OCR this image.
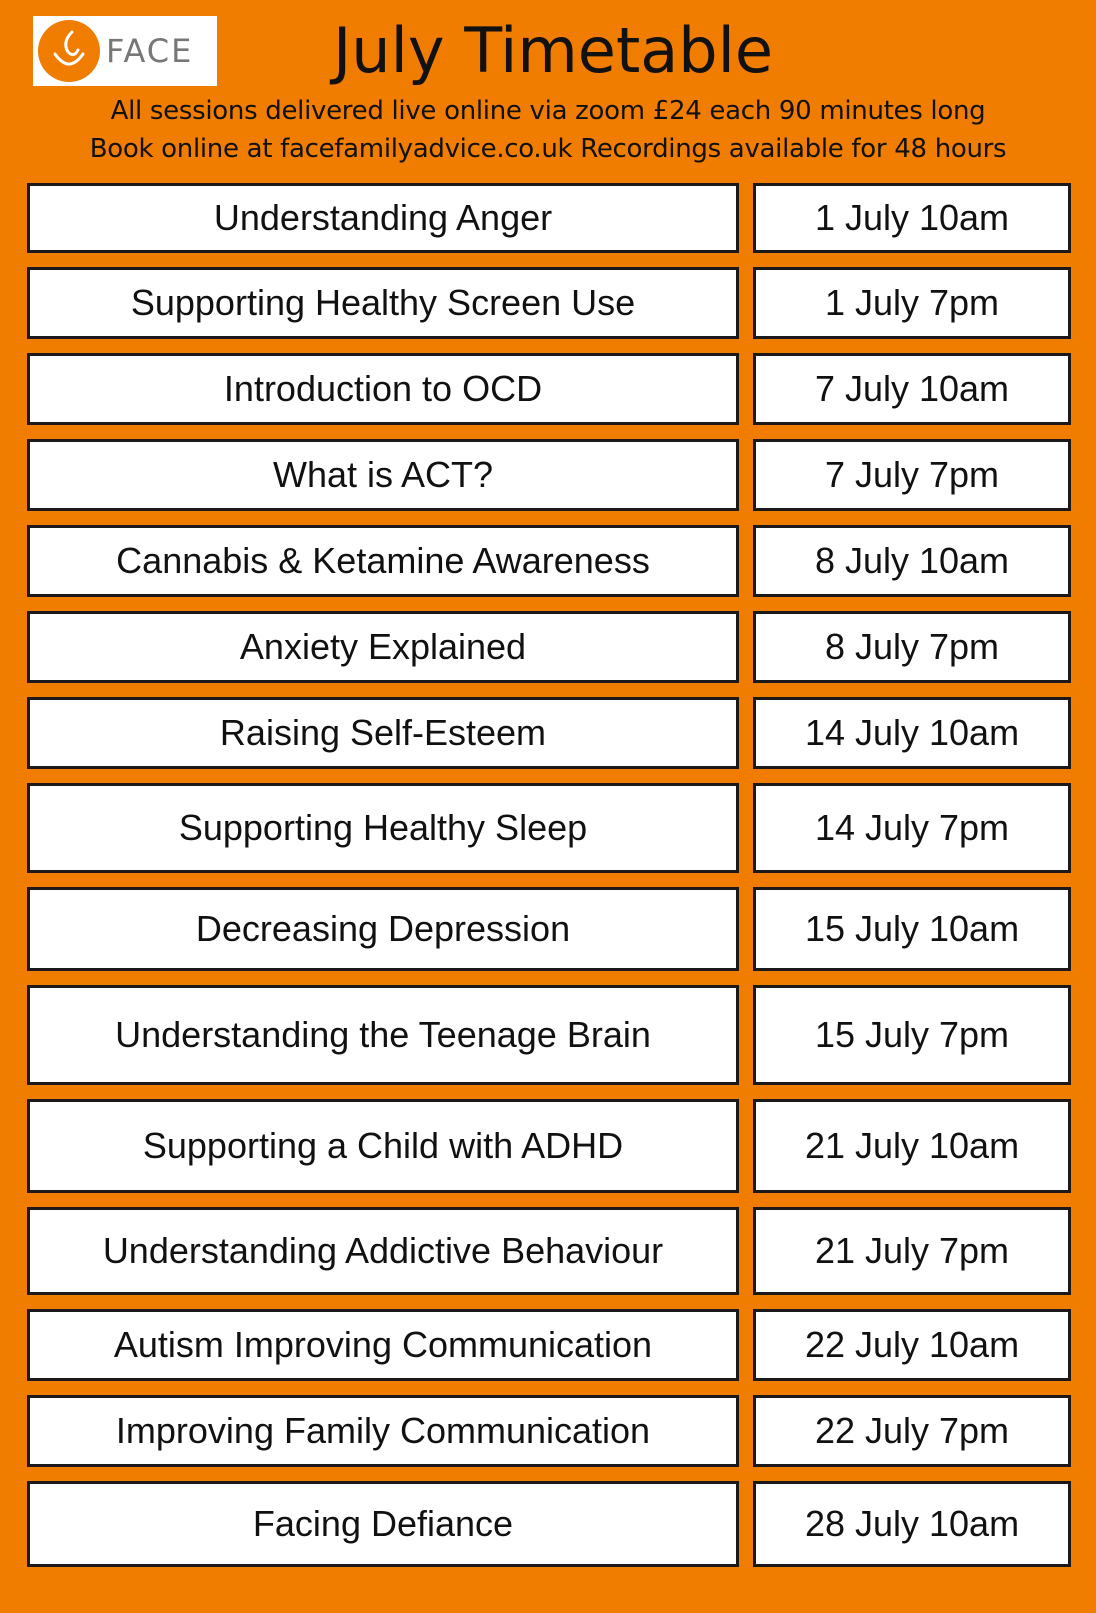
FACE	July Timetable
All sessions delivered live online via zoom £24 each 90 minutes long
Book online at facefamilyadvice.co.uk Recordings available for 48 hours
Understanding Anger	1 July 10am
Supporting Healthy Screen Use	1 July 7pm
Introduction to OCD	7 July 10am
What is ACT?	7 July 7pm
Cannabis & Ketamine Awareness	8 July 10am
Anxiety Explained	8 July 7pm
Raising Self-Esteem	14 July 10am
Supporting Healthy Sleep	14 July 7pm
Decreasing Depression	15 July 10am
Understanding the Teenage Brain	15 July 7pm
Supporting a Child with ADHD	21 July 10am
Understanding Addictive Behaviour	21 July 7pm
Autism Improving Communication	22 July 10am
Improving Family Communication	22 July 7pm
Facing Defiance	28 July 10am
